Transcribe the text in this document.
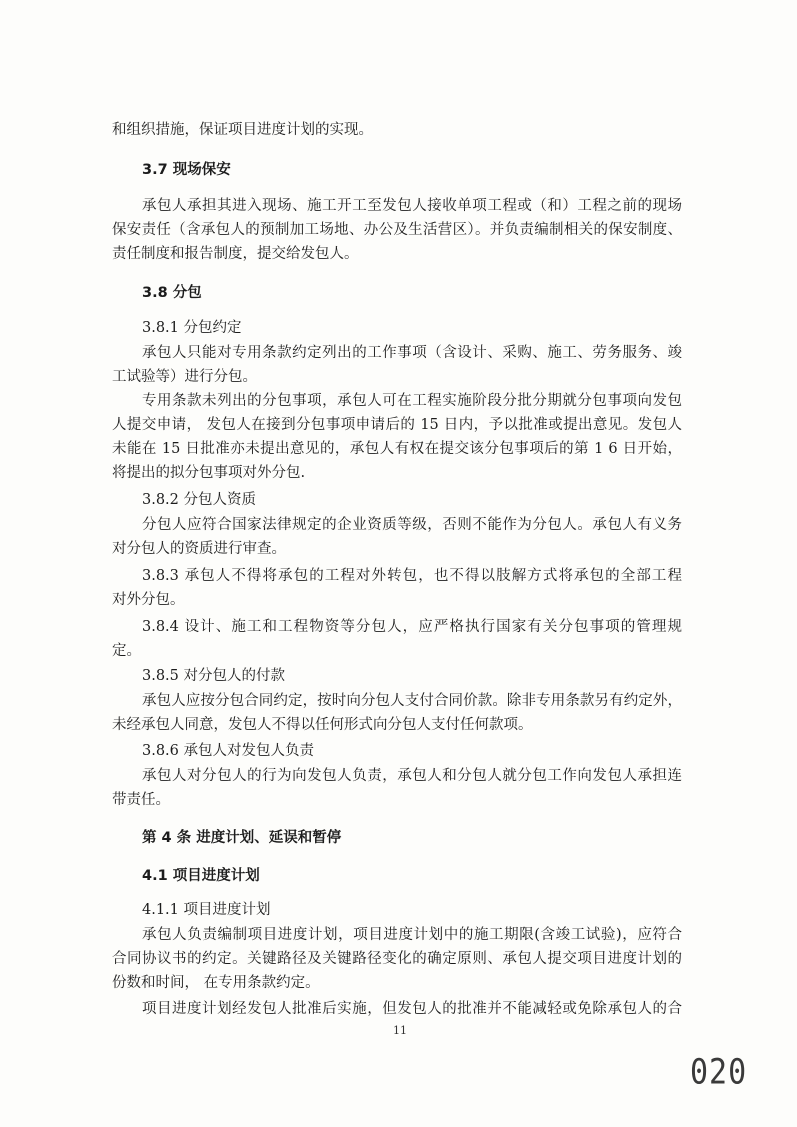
和组织措施，保证项目进度计划的实现。
3.7 现场保安
承包人承担其进入现场、施工开工至发包人接收单项工程或（和）工程之前的现场
保安责任（含承包人的预制加工场地、办公及生活营区）。并负责编制相关的保安制度、
责任制度和报告制度，提交给发包人。
3.8 分包
3.8.1 分包约定
承包人只能对专用条款约定列出的工作事项（含设计、采购、施工、劳务服务、竣
工试验等）进行分包。
专用条款未列出的分包事项，承包人可在工程实施阶段分批分期就分包事项向发包
人提交申请， 发包人在接到分包事项申请后的 15 日内，予以批准或提出意见。发包人
未能在 15 日批准亦未提出意见的，承包人有权在提交该分包事项后的第 1 6 日开始，
将提出的拟分包事项对外分包.
3.8.2 分包人资质
分包人应符合国家法律规定的企业资质等级，否则不能作为分包人。承包人有义务
对分包人的资质进行审查。
3.8.3 承包人不得将承包的工程对外转包，也不得以肢解方式将承包的全部工程
对外分包。
3.8.4 设计、施工和工程物资等分包人，应严格执行国家有关分包事项的管理规
定。
3.8.5 对分包人的付款
承包人应按分包合同约定，按时向分包人支付合同价款。除非专用条款另有约定外，
未经承包人同意，发包人不得以任何形式向分包人支付任何款项。
3.8.6 承包人对发包人负责
承包人对分包人的行为向发包人负责，承包人和分包人就分包工作向发包人承担连
带责任。
第 4 条 进度计划、延误和暂停
4.1 项目进度计划
4.1.1 项目进度计划
承包人负责编制项目进度计划，项目进度计划中的施工期限(含竣工试验)，应符合
合同协议书的约定。关键路径及关键路径变化的确定原则、承包人提交项目进度计划的
份数和时间， 在专用条款约定。
项目进度计划经发包人批准后实施，但发包人的批准并不能减轻或免除承包人的合
11
020
